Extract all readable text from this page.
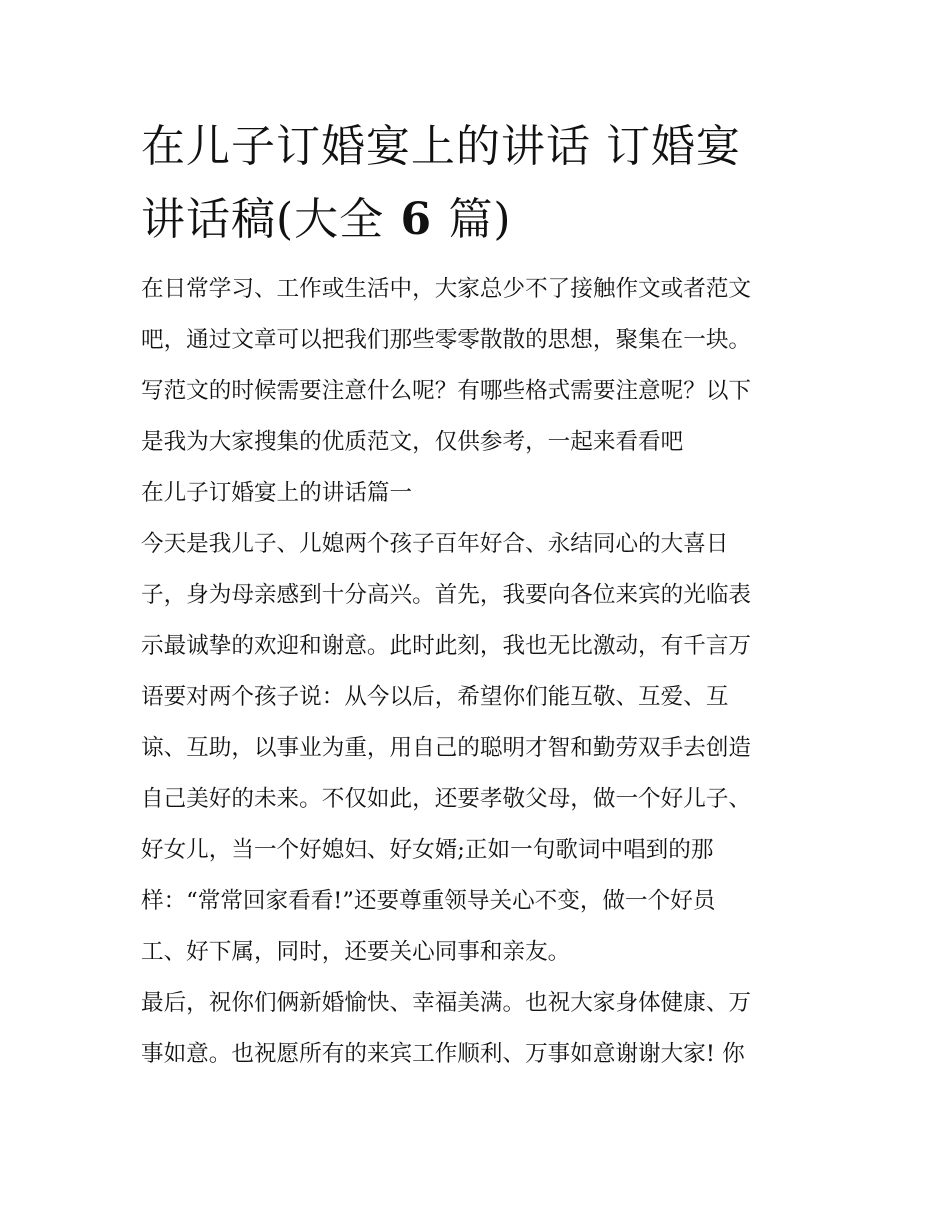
在儿子订婚宴上的讲话 订婚宴
讲话稿(大全 6 篇)

在日常学习、工作或生活中，大家总少不了接触作文或者范文
吧，通过文章可以把我们那些零零散散的思想，聚集在一块。
写范文的时候需要注意什么呢？有哪些格式需要注意呢？以下
是我为大家搜集的优质范文，仅供参考，一起来看看吧

在儿子订婚宴上的讲话篇一

今天是我儿子、儿媳两个孩子百年好合、永结同心的大喜日
子，身为母亲感到十分高兴。首先，我要向各位来宾的光临表
示最诚挚的欢迎和谢意。此时此刻，我也无比激动，有千言万
语要对两个孩子说：从今以后，希望你们能互敬、互爱、互
谅、互助，以事业为重，用自己的聪明才智和勤劳双手去创造
自己美好的未来。不仅如此，还要孝敬父母，做一个好儿子、
好女儿，当一个好媳妇、好女婿;正如一句歌词中唱到的那
样：“常常回家看看!”还要尊重领导关心不变，做一个好员
工、好下属，同时，还要关心同事和亲友。

最后，祝你们俩新婚愉快、幸福美满。也祝大家身体健康、万
事如意。也祝愿所有的来宾工作顺利、万事如意谢谢大家! 你
